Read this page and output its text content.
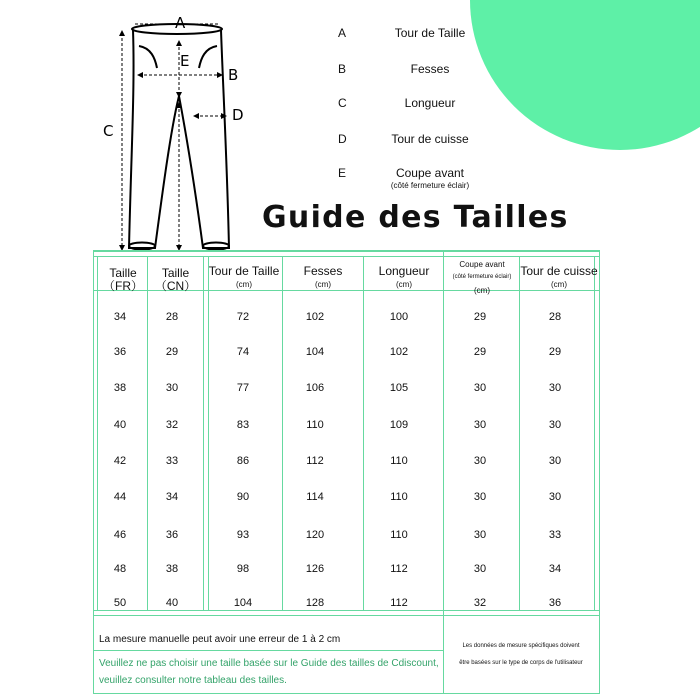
A
B
C
D
E
A	Tour de Taille
B	Fesses
C	Longueur
D	Tour de cuisse
E	Coupe avant
(côté fermeture éclair)
Guide des Tailles
Taille（FR）
Taille（CN）
Tour de Taille
(cm)
Fesses
(cm)
Longueur
(cm)
Coupe avant
(côté fermeture éclair)
(cm)
Tour de cuisse
(cm)
34	28	72	102	100	29	28
36	29	74	104	102	29	29
38	30	77	106	105	30	30
40	32	83	110	109	30	30
42	33	86	112	110	30	30
44	34	90	114	110	30	30
46	36	93	120	110	30	33
48	38	98	126	112	30	34
50	40	104	128	112	32	36
La mesure manuelle peut avoir une erreur de 1 à 2 cm
Veuillez ne pas choisir une taille basée sur le Guide des tailles de Cdiscount,
veuillez consulter notre tableau des tailles.
Les données de mesure spécifiques doivent
être basées sur le type de corps de l'utilisateur
